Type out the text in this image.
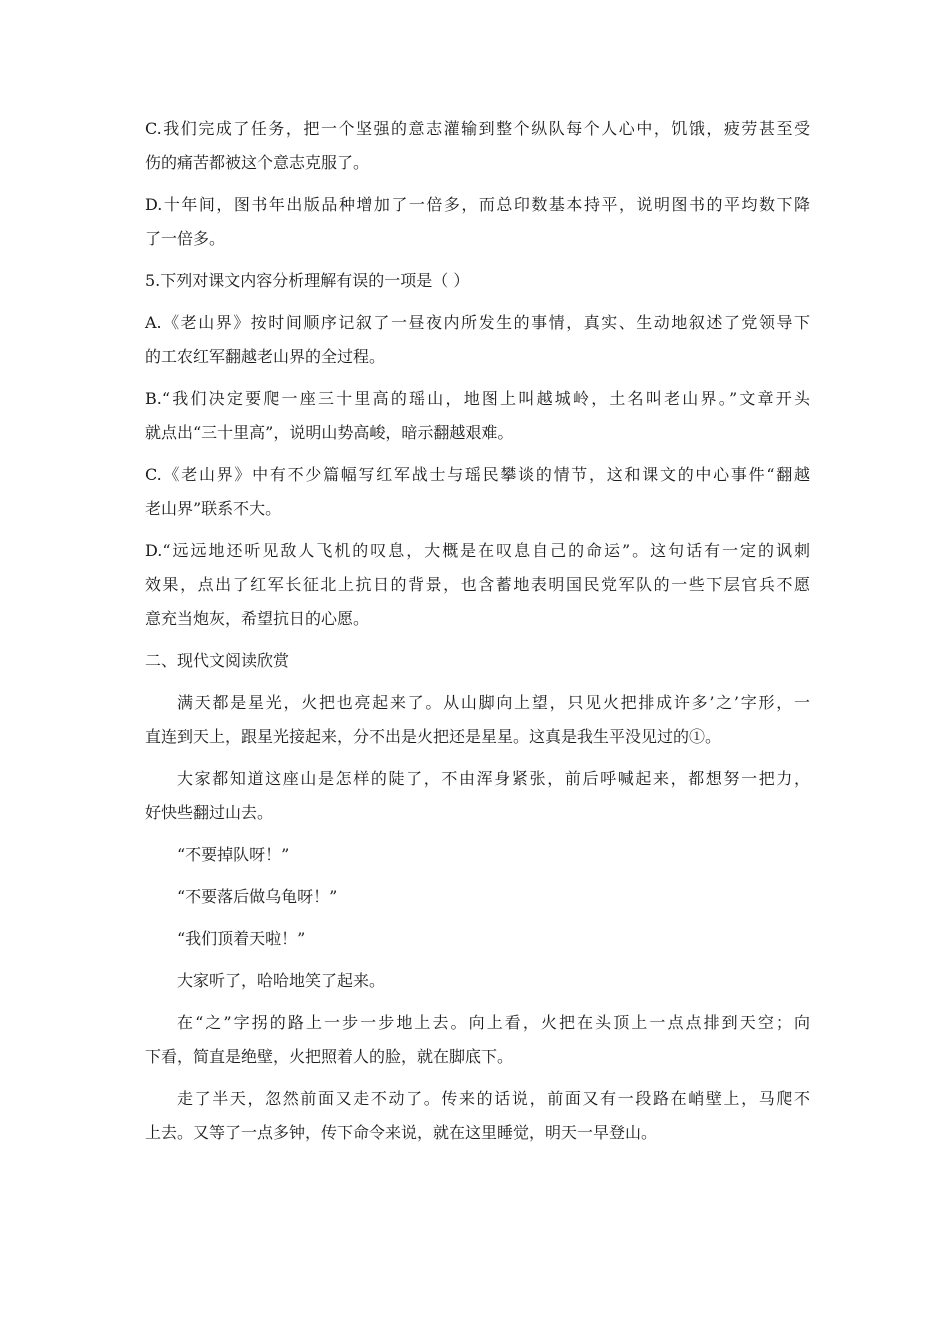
C.我们完成了任务，把一个坚强的意志灌输到整个纵队每个人心中，饥饿，疲劳甚至受

伤的痛苦都被这个意志克服了。

D.十年间，图书年出版品种增加了一倍多，而总印数基本持平，说明图书的平均数下降

了一倍多。

5.下列对课文内容分析理解有误的一项是（ ）

A.《老山界》按时间顺序记叙了一昼夜内所发生的事情，真实、生动地叙述了党领导下

的工农红军翻越老山界的全过程。

B.“我们决定要爬一座三十里高的瑶山，地图上叫越城岭，土名叫老山界。”文章开头

就点出“三十里高”，说明山势高峻，暗示翻越艰难。

C.《老山界》中有不少篇幅写红军战士与瑶民攀谈的情节，这和课文的中心事件“翻越

老山界”联系不大。

D.“远远地还听见敌人飞机的叹息，大概是在叹息自己的命运”。这句话有一定的讽刺

效果，点出了红军长征北上抗日的背景，也含蓄地表明国民党军队的一些下层官兵不愿

意充当炮灰，希望抗日的心愿。

二、现代文阅读欣赏

满天都是星光，火把也亮起来了。从山脚向上望，只见火把排成许多’之’字形，一

直连到天上，跟星光接起来，分不出是火把还是星星。这真是我生平没见过的①。

大家都知道这座山是怎样的陡了，不由浑身紧张，前后呼喊起来，都想努一把力，

好快些翻过山去。

“不要掉队呀！”

“不要落后做乌龟呀！”

“我们顶着天啦！”

大家听了，哈哈地笑了起来。

在“之”字拐的路上一步一步地上去。向上看，火把在头顶上一点点排到天空；向

下看，简直是绝壁，火把照着人的脸，就在脚底下。

走了半天，忽然前面又走不动了。传来的话说，前面又有一段路在峭壁上，马爬不

上去。又等了一点多钟，传下命令来说，就在这里睡觉，明天一早登山。
